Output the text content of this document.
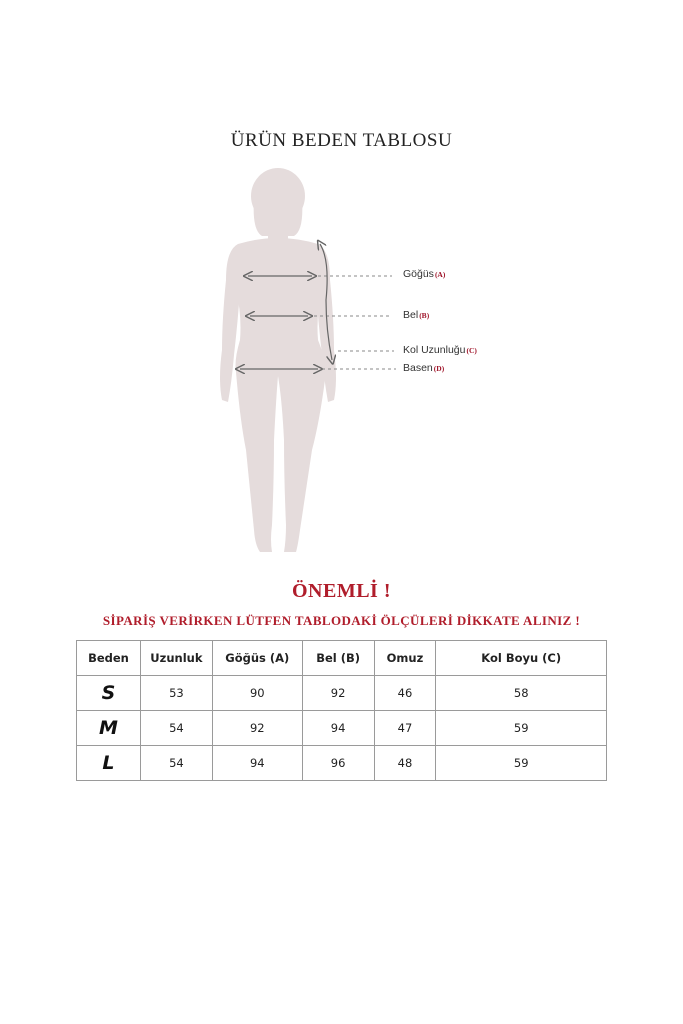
ÜRÜN BEDEN TABLOSU
Göğüs (A)
Bel (B)
Kol Uzunluğu (C)
Basen (D)
ÖNEMLİ !
SİPARİŞ VERİRKEN LÜTFEN TABLODAKİ ÖLÇÜLERİ DİKKATE ALINIZ !
Beden	Uzunluk	Göğüs (A)	Bel (B)	Omuz	Kol Boyu (C)
S	53	90	92	46	58
M	54	92	94	47	59
L	54	94	96	48	59
